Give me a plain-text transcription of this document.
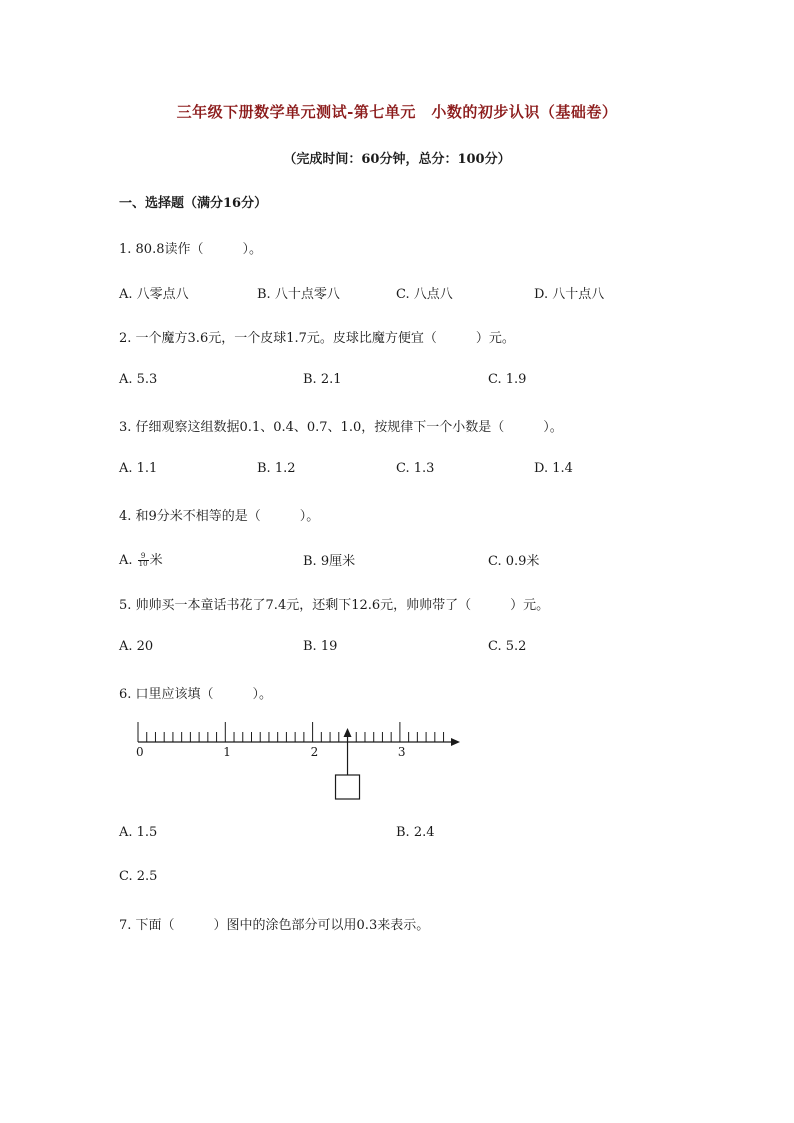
三年级下册数学单元测试-第七单元　小数的初步认识（基础卷）
（完成时间：60分钟，总分：100分）
一、选择题（满分16分）
1. 80.8读作（　　　）。
A. 八零点八	B. 八十点零八	C. 八点八	D. 八十点八
2. 一个魔方3.6元，一个皮球1.7元。皮球比魔方便宜（　　　）元。
A. 5.3	B. 2.1	C. 1.9
3. 仔细观察这组数据0.1、0.4、0.7、1.0，按规律下一个小数是（　　　）。
A. 1.1	B. 1.2	C. 1.3	D. 1.4
4. 和9分米不相等的是（　　　）。
A. $\frac{9}{10}$ 米	B. 9厘米	C. 0.9米
5. 帅帅买一本童话书花了7.4元，还剩下12.6元，帅帅带了（　　　）元。
A. 20	B. 19	C. 5.2
6. 口里应该填（　　　）。
0	1	2	3
A. 1.5	B. 2.4
C. 2.5
7. 下面（　　　）图中的涂色部分可以用0.3来表示。
